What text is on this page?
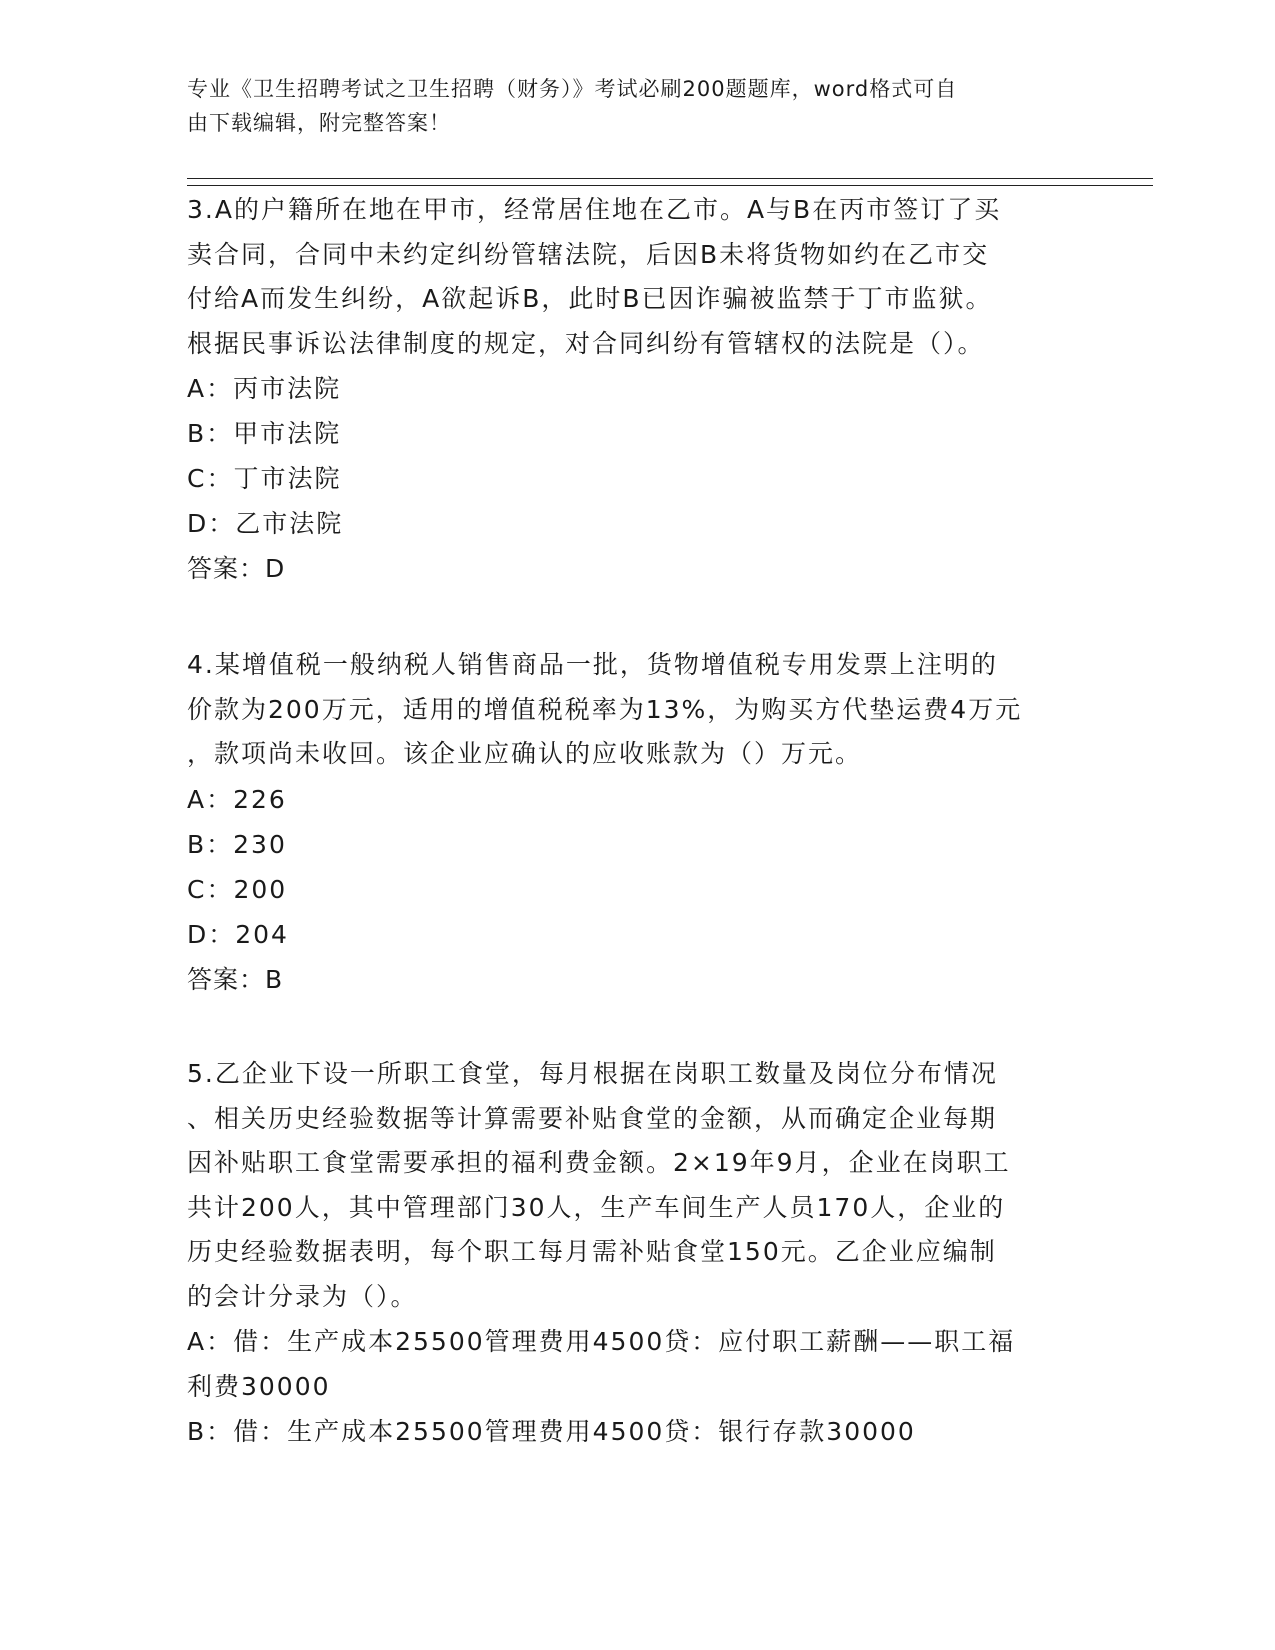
专业《卫生招聘考试之卫生招聘（财务）》考试必刷200题题库，word格式可自
由下载编辑，附完整答案！
3.A的户籍所在地在甲市，经常居住地在乙市。A与B在丙市签订了买
卖合同，合同中未约定纠纷管辖法院，后因B未将货物如约在乙市交
付给A而发生纠纷，A欲起诉B，此时B已因诈骗被监禁于丁市监狱。
根据民事诉讼法律制度的规定，对合同纠纷有管辖权的法院是（）。
A：丙市法院
B：甲市法院
C：丁市法院
D：乙市法院
答案：D
4.某增值税一般纳税人销售商品一批，货物增值税专用发票上注明的
价款为200万元，适用的增值税税率为13%，为购买方代垫运费4万元
，款项尚未收回。该企业应确认的应收账款为（）万元。
A：226
B：230
C：200
D：204
答案：B
5.乙企业下设一所职工食堂，每月根据在岗职工数量及岗位分布情况
、相关历史经验数据等计算需要补贴食堂的金额，从而确定企业每期
因补贴职工食堂需要承担的福利费金额。2×19年9月，企业在岗职工
共计200人，其中管理部门30人，生产车间生产人员170人，企业的
历史经验数据表明，每个职工每月需补贴食堂150元。乙企业应编制
的会计分录为（）。
A：借：生产成本25500管理费用4500贷：应付职工薪酬——职工福
利费30000
B：借：生产成本25500管理费用4500贷：银行存款30000
